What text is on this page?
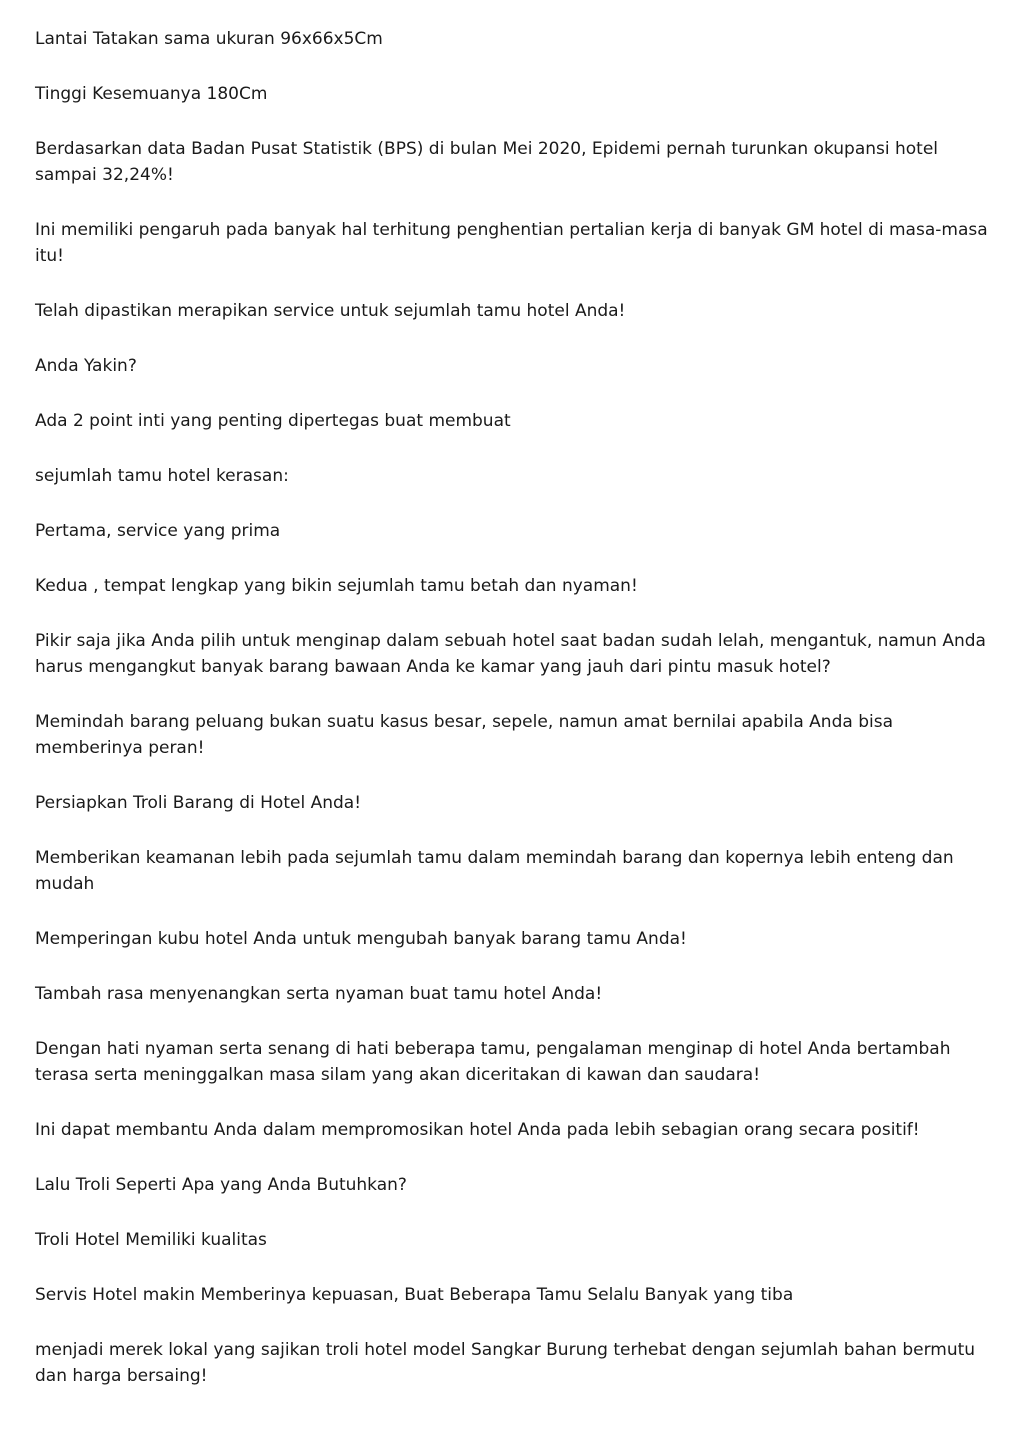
Lantai Tatakan sama ukuran 96x66x5Cm

Tinggi Kesemuanya 180Cm

Berdasarkan data Badan Pusat Statistik (BPS) di bulan Mei 2020, Epidemi pernah turunkan okupansi hotel sampai 32,24%!

Ini memiliki pengaruh pada banyak hal terhitung penghentian pertalian kerja di banyak GM hotel di masa-masa itu!

Telah dipastikan merapikan service untuk sejumlah tamu hotel Anda!

Anda Yakin?

Ada 2 point inti yang penting dipertegas buat membuat

sejumlah tamu hotel kerasan:

Pertama, service yang prima

Kedua , tempat lengkap yang bikin sejumlah tamu betah dan nyaman!

Pikir saja jika Anda pilih untuk menginap dalam sebuah hotel saat badan sudah lelah, mengantuk, namun Anda harus mengangkut banyak barang bawaan Anda ke kamar yang jauh dari pintu masuk hotel?

Memindah barang peluang bukan suatu kasus besar, sepele, namun amat bernilai apabila Anda bisa memberinya peran!

Persiapkan Troli Barang di Hotel Anda!

Memberikan keamanan lebih pada sejumlah tamu dalam memindah barang dan kopernya lebih enteng dan mudah

Memperingan kubu hotel Anda untuk mengubah banyak barang tamu Anda!

Tambah rasa menyenangkan serta nyaman buat tamu hotel Anda!

Dengan hati nyaman serta senang di hati beberapa tamu, pengalaman menginap di hotel Anda bertambah terasa serta meninggalkan masa silam yang akan diceritakan di kawan dan saudara!

Ini dapat membantu Anda dalam mempromosikan hotel Anda pada lebih sebagian orang secara positif!

Lalu Troli Seperti Apa yang Anda Butuhkan?

Troli Hotel Memiliki kualitas

Servis Hotel makin Memberinya kepuasan, Buat Beberapa Tamu Selalu Banyak yang tiba

menjadi merek lokal yang sajikan troli hotel model Sangkar Burung terhebat dengan sejumlah bahan bermutu dan harga bersaing!
